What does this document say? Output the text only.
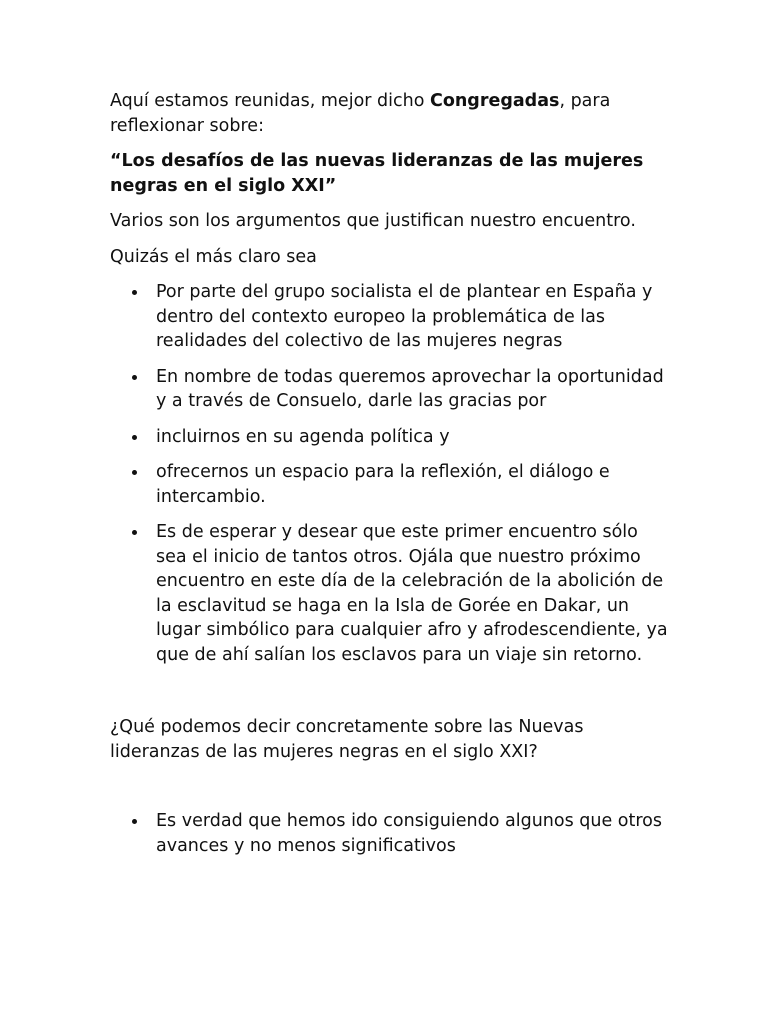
Aquí estamos reunidas, mejor dicho Congregadas, para reflexionar sobre:

“Los desafíos de las nuevas lideranzas de las mujeres negras en el siglo XXI”

Varios son los argumentos que justifican nuestro encuentro.

Quizás el más claro sea

Por parte del grupo socialista el de plantear en España y dentro del contexto europeo la problemática de las realidades del colectivo de las mujeres negras
En nombre de todas queremos aprovechar la oportunidad y a través de Consuelo, darle las gracias por
incluirnos en su agenda política y
ofrecernos un espacio para la reflexión, el diálogo e intercambio.
Es de esperar y desear que este primer encuentro sólo sea el inicio de tantos otros. Ojála que nuestro próximo encuentro en este día de la celebración de la abolición de la esclavitud se haga en la Isla de Gorée en Dakar, un lugar simbólico para cualquier afro y afrodescendiente, ya que de ahí salían los esclavos para un viaje sin retorno.

¿Qué podemos decir concretamente sobre las Nuevas lideranzas de las mujeres negras en el siglo XXI?

Es verdad que hemos ido consiguiendo algunos que otros avances y no menos significativos
